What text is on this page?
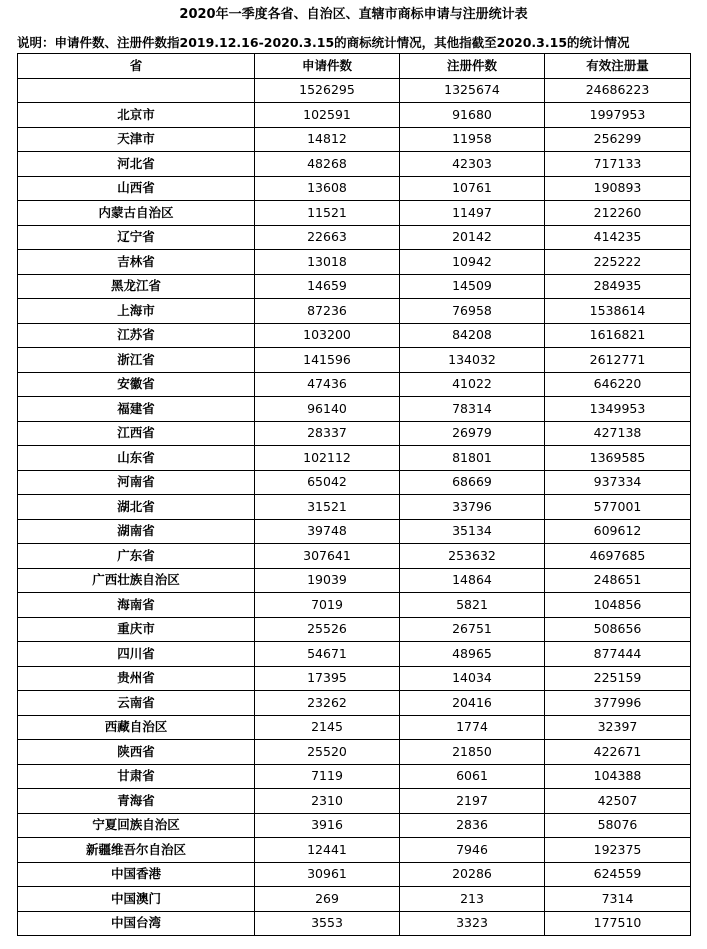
2020年一季度各省、自治区、直辖市商标申请与注册统计表
说明：申请件数、注册件数指2019.12.16-2020.3.15的商标统计情况，其他指截至2020.3.15的统计情况
省	申请件数	注册件数	有效注册量
	1526295	1325674	24686223
北京市	102591	91680	1997953
天津市	14812	11958	256299
河北省	48268	42303	717133
山西省	13608	10761	190893
内蒙古自治区	11521	11497	212260
辽宁省	22663	20142	414235
吉林省	13018	10942	225222
黑龙江省	14659	14509	284935
上海市	87236	76958	1538614
江苏省	103200	84208	1616821
浙江省	141596	134032	2612771
安徽省	47436	41022	646220
福建省	96140	78314	1349953
江西省	28337	26979	427138
山东省	102112	81801	1369585
河南省	65042	68669	937334
湖北省	31521	33796	577001
湖南省	39748	35134	609612
广东省	307641	253632	4697685
广西壮族自治区	19039	14864	248651
海南省	7019	5821	104856
重庆市	25526	26751	508656
四川省	54671	48965	877444
贵州省	17395	14034	225159
云南省	23262	20416	377996
西藏自治区	2145	1774	32397
陕西省	25520	21850	422671
甘肃省	7119	6061	104388
青海省	2310	2197	42507
宁夏回族自治区	3916	2836	58076
新疆维吾尔自治区	12441	7946	192375
中国香港	30961	20286	624559
中国澳门	269	213	7314
中国台湾	3553	3323	177510
